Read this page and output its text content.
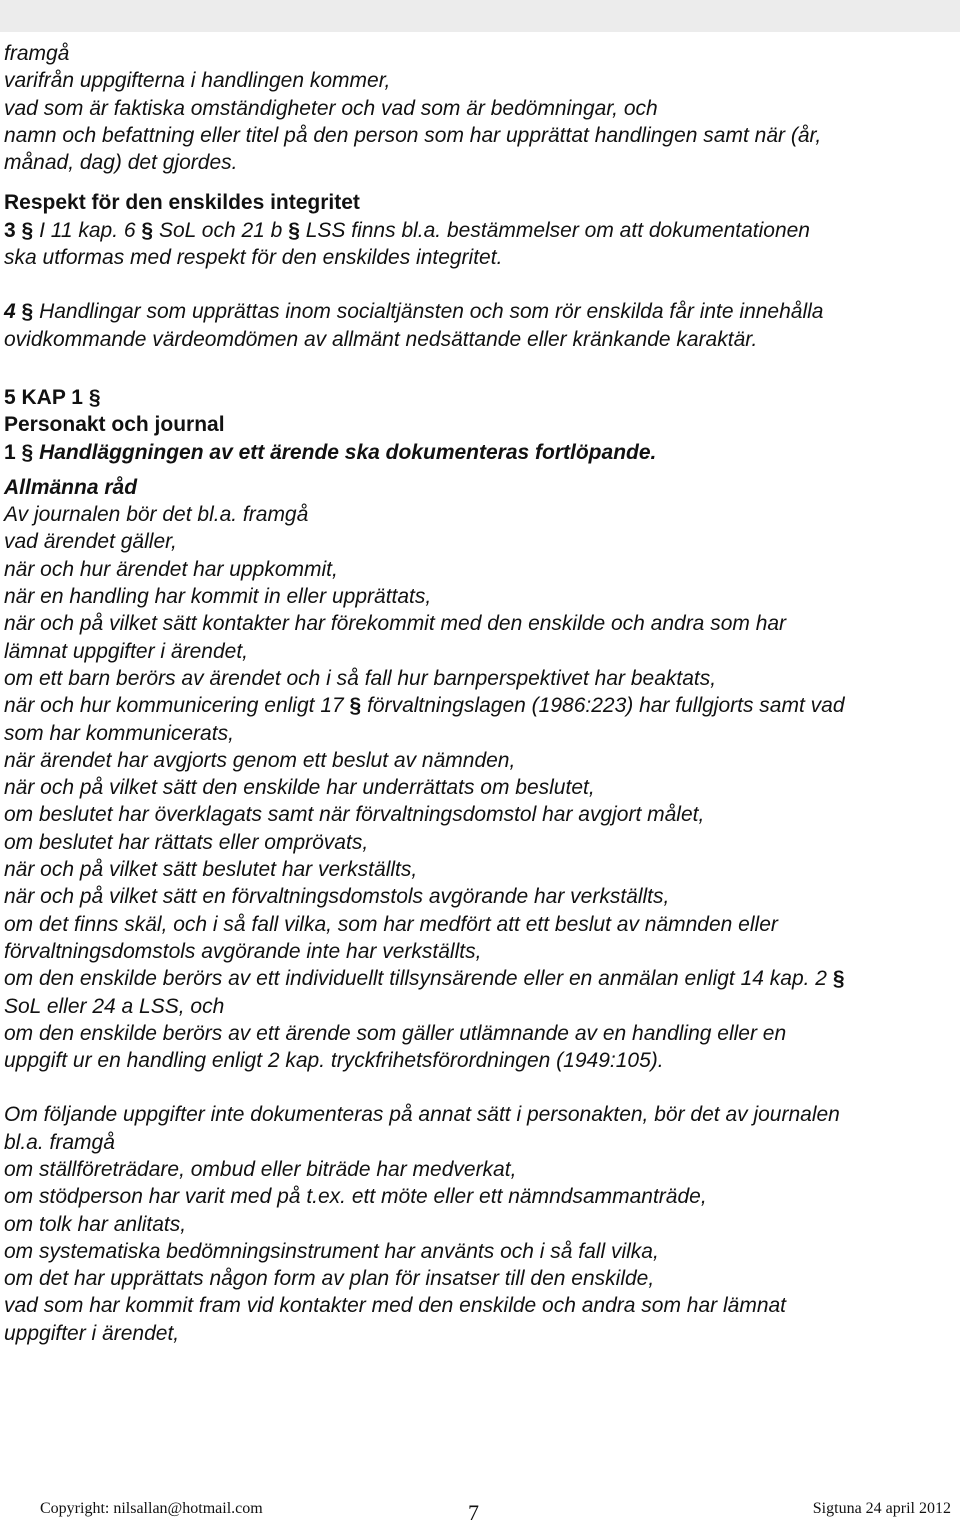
framgå
varifrån uppgifterna i handlingen kommer,
vad som är faktiska omständigheter och vad som är bedömningar, och
namn och befattning eller titel på den person som har upprättat handlingen samt när (år,
månad, dag) det gjordes.
Respekt för den enskildes integritet
3 § I 11 kap. 6 § SoL och 21 b § LSS finns bl.a. bestämmelser om att dokumentationen
ska utformas med respekt för den enskildes integritet.
4 § Handlingar som upprättas inom socialtjänsten och som rör enskilda får inte innehålla
ovidkommande värdeomdömen av allmänt nedsättande eller kränkande karaktär.
5 KAP 1 §
Personakt och journal
1 § Handläggningen av ett ärende ska dokumenteras fortlöpande.
Allmänna råd
Av journalen bör det bl.a. framgå
vad ärendet gäller,
när och hur ärendet har uppkommit,
när en handling har kommit in eller upprättats,
när och på vilket sätt kontakter har förekommit med den enskilde och andra som har
lämnat uppgifter i ärendet,
om ett barn berörs av ärendet och i så fall hur barnperspektivet har beaktats,
när och hur kommunicering enligt 17 § förvaltningslagen (1986:223) har fullgjorts samt vad
som har kommunicerats,
när ärendet har avgjorts genom ett beslut av nämnden,
när och på vilket sätt den enskilde har underrättats om beslutet,
om beslutet har överklagats samt när förvaltningsdomstol har avgjort målet,
om beslutet har rättats eller omprövats,
när och på vilket sätt beslutet har verkställts,
när och på vilket sätt en förvaltningsdomstols avgörande har verkställts,
om det finns skäl, och i så fall vilka, som har medfört att ett beslut av nämnden eller
förvaltningsdomstols avgörande inte har verkställts,
om den enskilde berörs av ett individuellt tillsynsärende eller en anmälan enligt 14 kap. 2 §
SoL eller 24 a LSS, och
om den enskilde berörs av ett ärende som gäller utlämnande av en handling eller en
uppgift ur en handling enligt 2 kap. tryckfrihetsförordningen (1949:105).
Om följande uppgifter inte dokumenteras på annat sätt i personakten, bör det av journalen
bl.a. framgå
om ställföreträdare, ombud eller biträde har medverkat,
om stödperson har varit med på t.ex. ett möte eller ett nämndsammanträde,
om tolk har anlitats,
om systematiska bedömningsinstrument har använts och i så fall vilka,
om det har upprättats någon form av plan för insatser till den enskilde,
vad som har kommit fram vid kontakter med den enskilde och andra som har lämnat
uppgifter i ärendet,
Copyright: nilsallan@hotmail.com	7	Sigtuna 24 april 2012
